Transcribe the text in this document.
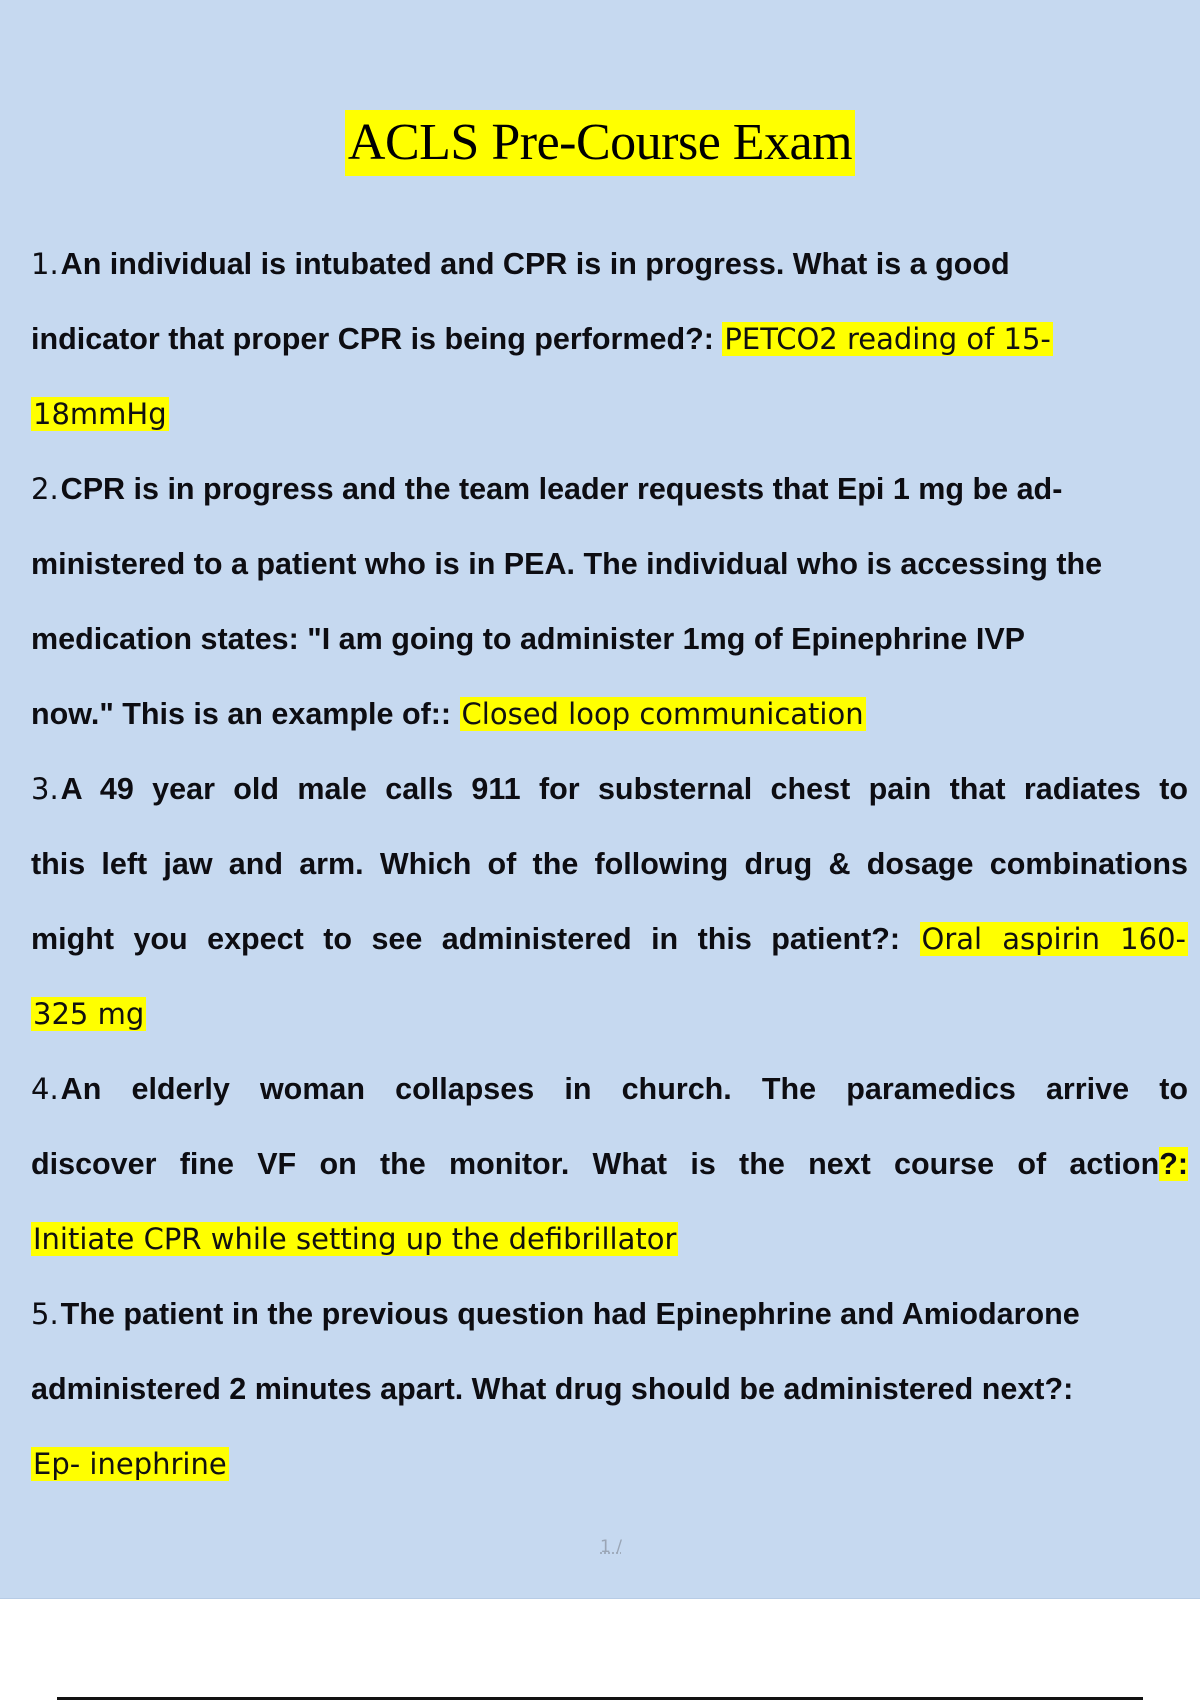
ACLS Pre-Course Exam
1.An individual is intubated and CPR is in progress. What is a good
indicator that proper CPR is being performed?: PETCO2 reading of 15-
18mmHg
2.CPR is in progress and the team leader requests that Epi 1 mg be ad-
ministered to a patient who is in PEA. The individual who is accessing the
medication states: "I am going to administer 1mg of Epinephrine IVP
now." This is an example of:: Closed loop communication
3.A 49 year old male calls 911 for substernal chest pain that radiates to
this left jaw and arm. Which of the following drug & dosage combinations
might you expect to see administered in this patient?: Oral aspirin 160-
325 mg
4.An elderly woman collapses in church. The paramedics arrive to
discover fine VF on the monitor. What is the next course of action?:
Initiate CPR while setting up the defibrillator
5.The patient in the previous question had Epinephrine and Amiodarone
administered 2 minutes apart. What drug should be administered next?:
Ep- inephrine
1 /
